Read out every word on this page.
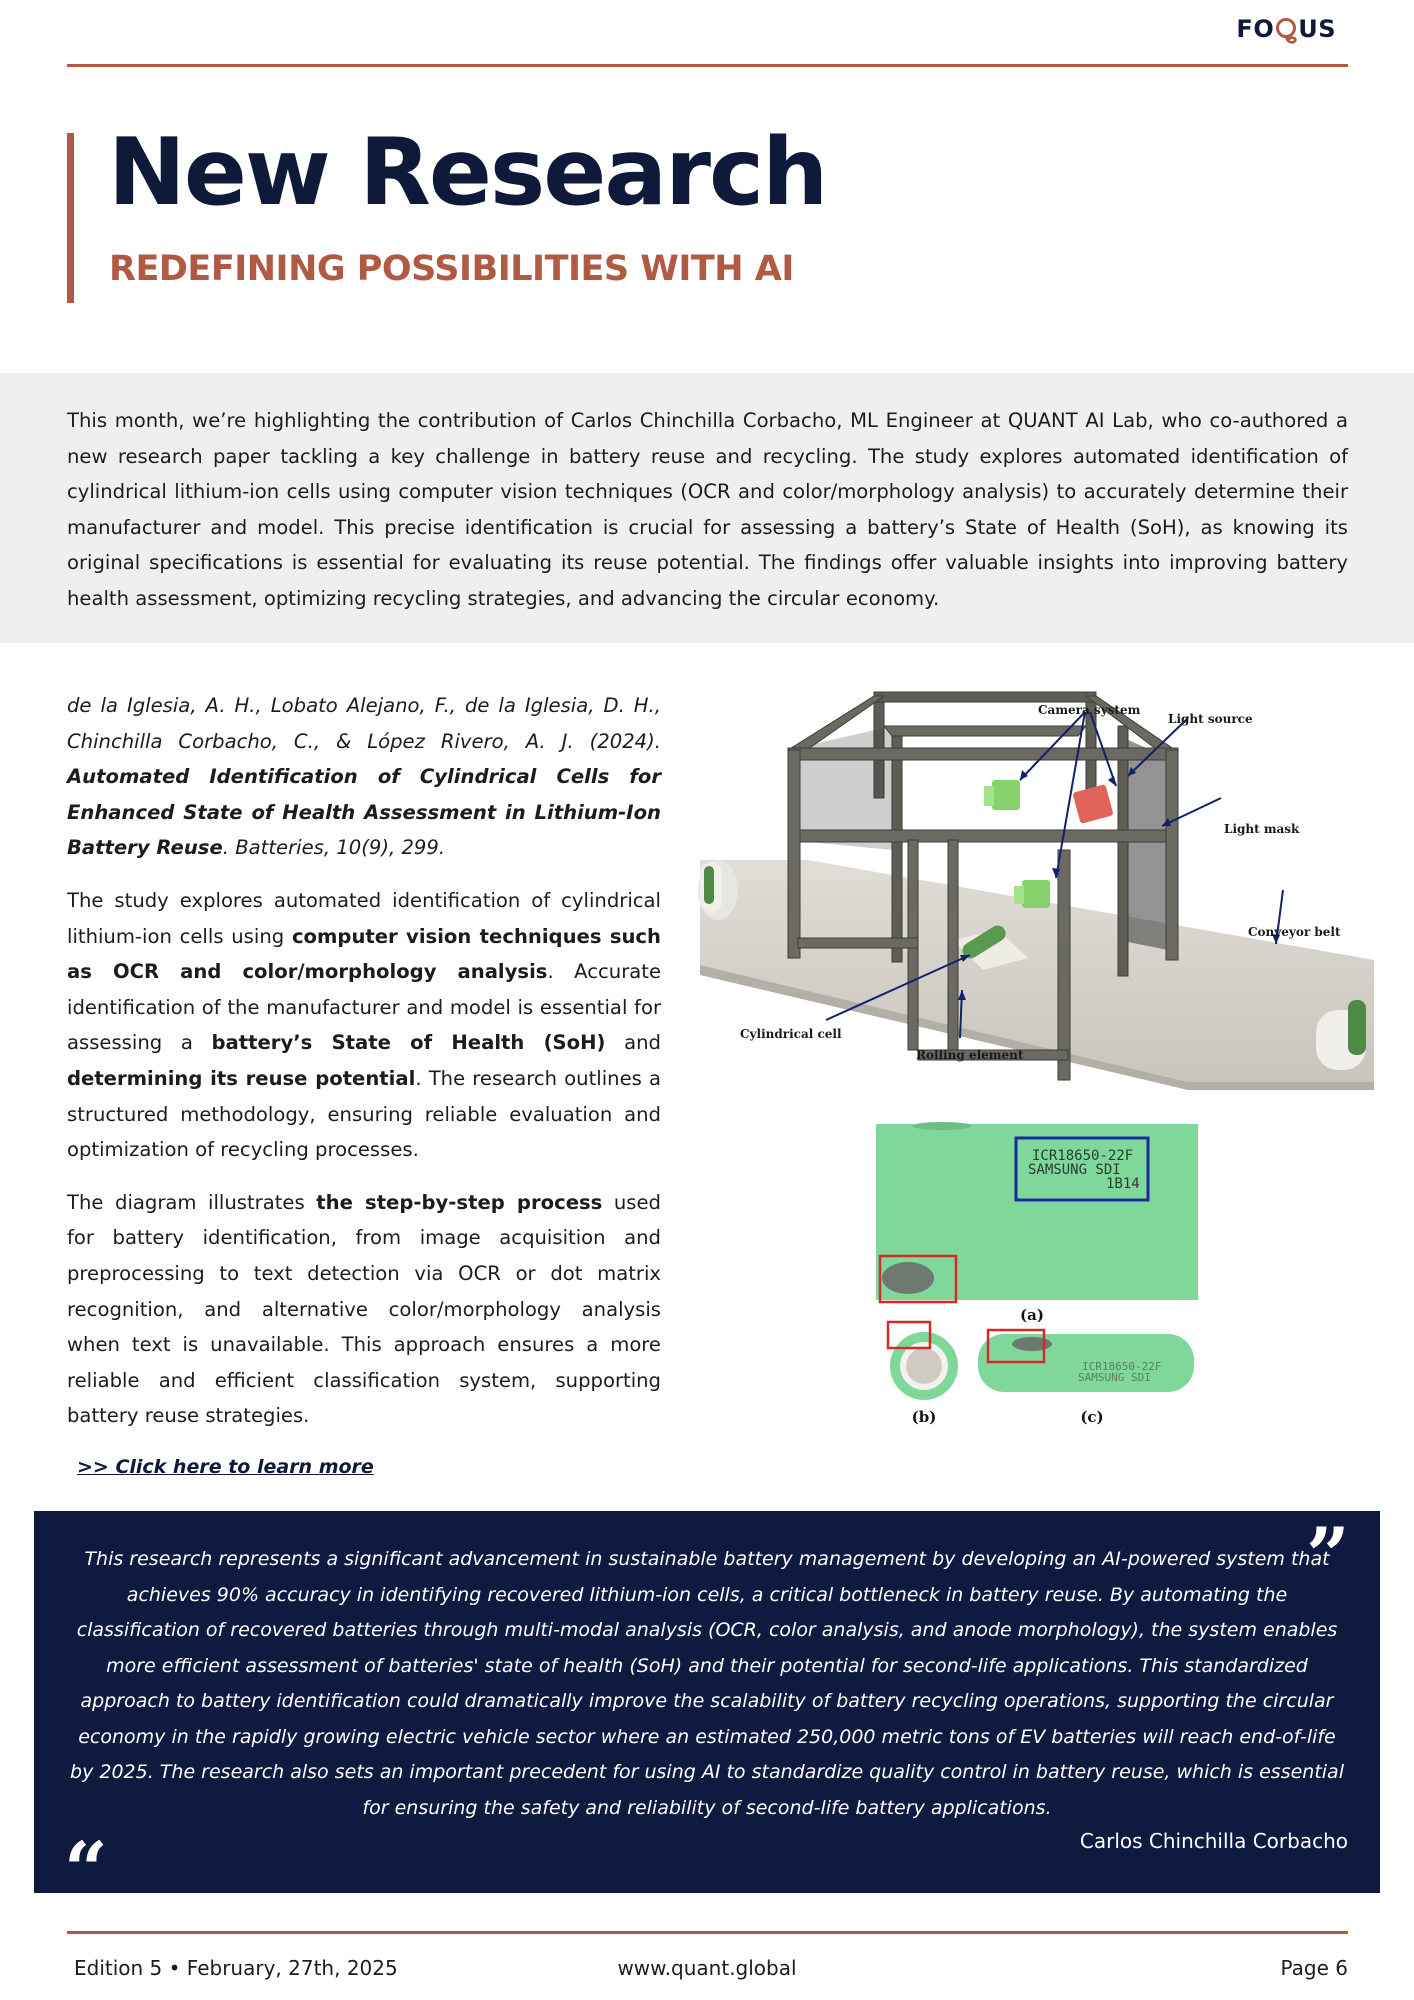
FO US
New Research
REDEFINING POSSIBILITIES WITH AI

This month, we’re highlighting the contribution of Carlos Chinchilla Corbacho, ML Engineer at QUANT AI Lab, who co-authored a new research paper tackling a key challenge in battery reuse and recycling. The study explores automated identification of cylindrical lithium-ion cells using computer vision techniques (OCR and color/morphology analysis) to accurately determine their manufacturer and model. This precise identification is crucial for assessing a battery’s State of Health (SoH), as knowing its original specifications is essential for evaluating its reuse potential. The findings offer valuable insights into improving battery health assessment, optimizing recycling strategies, and advancing the circular economy.

de la Iglesia, A. H., Lobato Alejano, F., de la Iglesia, D. H., Chinchilla Corbacho, C., & López Rivero, A. J. (2024). Automated Identification of Cylindrical Cells for Enhanced State of Health Assessment in Lithium-Ion Battery Reuse. Batteries, 10(9), 299.

The study explores automated identification of cylindrical lithium-ion cells using computer vision techniques such as OCR and color/morphology analysis. Accurate identification of the manufacturer and model is essential for assessing a battery’s State of Health (SoH) and determining its reuse potential. The research outlines a structured methodology, ensuring reliable evaluation and optimization of recycling processes.

The diagram illustrates the step-by-step process used for battery identification, from image acquisition and preprocessing to text detection via OCR or dot matrix recognition, and alternative color/morphology analysis when text is unavailable. This approach ensures a more reliable and efficient classification system, supporting battery reuse strategies.

>> Click here to learn more
Camera system
Light source
Light mask
Conveyor belt
Cylindrical cell
Rolling element
ICR18650-22F
SAMSUNG SDI
1B14
(a)
(b)
ICR18650-22F
SAMSUNG SDI
(c)
”

This research represents a significant advancement in sustainable battery management by developing an AI-powered system that achieves 90% accuracy in identifying recovered lithium-ion cells, a critical bottleneck in battery reuse. By automating the classification of recovered batteries through multi-modal analysis (OCR, color analysis, and anode morphology), the system enables more efficient assessment of batteries' state of health (SoH) and their potential for second-life applications. This standardized approach to battery identification could dramatically improve the scalability of battery recycling operations, supporting the circular economy in the rapidly growing electric vehicle sector where an estimated 250,000 metric tons of EV batteries will reach end-of-life by 2025. The research also sets an important precedent for using AI to standardize quality control in battery reuse, which is essential for ensuring the safety and reliability of second-life battery applications.

Carlos Chinchilla Corbacho
“
Edition 5 • February, 27th, 2025	www.quant.global	Page 6
